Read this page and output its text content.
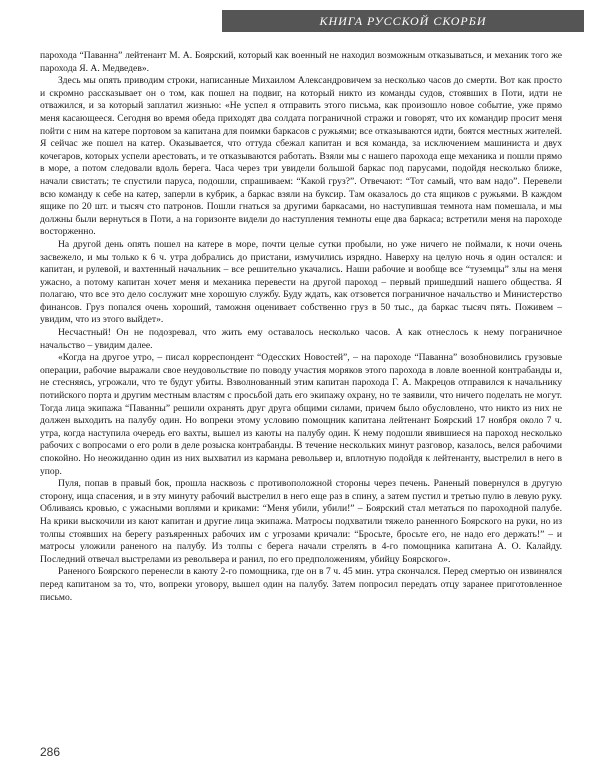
КНИГА РУССКОЙ СКОРБИ

парохода “Паванна” лейтенант М. А. Боярский, который как военный не находил возможным отказываться, и механик того же парохода Я. А. Медведев».

Здесь мы опять приводим строки, написанные Михаилом Александровичем за несколько часов до смерти. Вот как просто и скромно рассказывает он о том, как пошел на подвиг, на который никто из команды судов, стоявших в Поти, идти не отважился, и за который заплатил жизнью: «Не успел я отправить этого письма, как произошло новое событие, уже прямо меня касающееся. Сегодня во время обеда приходят два солдата пограничной стражи и говорят, что их командир просит меня пойти с ним на катере портовом за капитана для поимки баркасов с ружьями; все отказываются идти, боятся местных жителей. Я сейчас же пошел на катер. Оказывается, что оттуда сбежал капитан и вся команда, за исключением машиниста и двух кочегаров, которых успели арестовать, и те отказываются работать. Взяли мы с нашего парохода еще механика и пошли прямо в море, а потом следовали вдоль берега. Часа через три увидели большой баркас под парусами, подойдя несколько ближе, начали свистать; те спустили паруса, подошли, спрашиваем: “Какой груз?”. Отвечают: “Тот самый, что вам надо”. Перевели всю команду к себе на катер, заперли в кубрик, а баркас взяли на буксир. Там оказалось до ста ящиков с ружьями. В каждом ящике по 20 шт. и тысяч сто патронов. Пошли гнаться за другими баркасами, но наступившая темнота нам помешала, и мы должны были вернуться в Поти, а на горизонте видели до наступления темноты еще два баркаса; встретили меня на пароходе восторженно.

На другой день опять пошел на катере в море, почти целые сутки пробыли, но уже ничего не поймали, к ночи очень засвежело, и мы только к 6 ч. утра добрались до пристани, измучились изрядно. Наверху на целую ночь я один остался: и капитан, и рулевой, и вахтенный начальник – все решительно укачались. Наши рабочие и вообще все “туземцы” злы на меня ужасно, а потому капитан хочет меня и механика перевести на другой пароход – первый пришедший нашего общества. Я полагаю, что все это дело сослужит мне хорошую службу. Буду ждать, как отзовется пограничное начальство и Министерство финансов. Груз попался очень хороший, таможня оценивает собственно груз в 50 тыс., да баркас тысяч пять. Поживем – увидим, что из этого выйдет».

Несчастный! Он не подозревал, что жить ему оставалось несколько часов. А как отнеслось к нему пограничное начальство – увидим далее.

«Когда на другое утро, – писал корреспондент “Одесских Новостей”, – на пароходе “Паванна” возобновились грузовые операции, рабочие выражали свое неудовольствие по поводу участия моряков этого парохода в ловле военной контрабанды и, не стесняясь, угрожали, что те будут убиты. Взволнованный этим капитан парохода Г. А. Макрецов отправился к начальнику потийского порта и другим местным властям с просьбой дать его экипажу охрану, но те заявили, что ничего поделать не могут. Тогда лица экипажа “Паванны” решили охранять друг друга общими силами, причем было обусловлено, что никто из них не должен выходить на палубу один. Но вопреки этому условию помощник капитана лейтенант Боярский 17 ноября около 7 ч. утра, когда наступила очередь его вахты, вышел из каюты на палубу один. К нему подошли явившиеся на пароход несколько рабочих с вопросами о его роли в деле розыска контрабанды. В течение нескольких минут разговор, казалось, велся рабочими спокойно. Но неожиданно один из них выхватил из кармана револьвер и, вплотную подойдя к лейтенанту, выстрелил в него в упор.

Пуля, попав в правый бок, прошла насквозь с противоположной стороны через печень. Раненый повернулся в другую сторону, ища спасения, и в эту минуту рабочий выстрелил в него еще раз в спину, а затем пустил и третью пулю в левую руку. Обливаясь кровью, с ужасными воплями и криками: “Меня убили, убили!” – Боярский стал метаться по пароходной палубе. На крики выскочили из кают капитан и другие лица экипажа. Матросы подхватили тяжело раненного Боярского на руки, но из толпы стоявших на берегу разъяренных рабочих им с угрозами кричали: “Бросьте, бросьте его, не надо его держать!” – и матросы уложили раненого на палубу. Из толпы с берега начали стрелять в 4-го помощника капитана А. О. Калайду. Последний отвечал выстрелами из револьвера и ранил, по его предположениям, убийцу Боярского».

Раненого Боярского перенесли в каюту 2-го помощника, где он в 7 ч. 45 мин. утра скончался. Перед смертью он извинялся перед капитаном за то, что, вопреки уговору, вышел один на палубу. Затем попросил передать отцу заранее приготовленное письмо.

286
